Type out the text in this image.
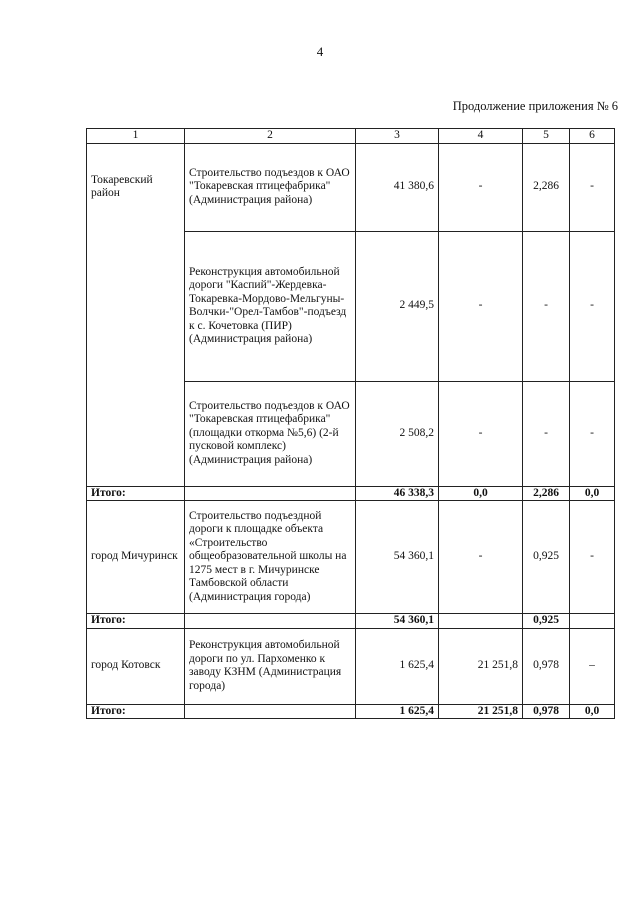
4
Продолжение приложения № 6
1	2	3	4	5	6
Токаревский район	Строительство подъездов к ОАО "Токаревская птицефабрика" (Администрация района)	41 380,6	-	2,286	-
	Реконструкция автомобильной дороги "Каспий"-Жердевка-Токаревка-Мордово-Мельгуны-Волчки-"Орел-Тамбов"-подъезд к с. Кочетовка (ПИР) (Администрация района)	2 449,5	-	-	-
	Строительство подъездов к ОАО "Токаревская птицефабрика" (площадки откорма №5,6) (2-й пусковой комплекс) (Администрация района)	2 508,2	-	-	-
Итого:		46 338,3	0,0	2,286	0,0
город Мичуринск	Строительство подъездной дороги к площадке объекта «Строительство общеобразовательной школы на 1275 мест в г. Мичуринске Тамбовской области (Администрация города)	54 360,1	-	0,925	-
Итого:		54 360,1		0,925	
город Котовск	Реконструкция автомобильной дороги по ул. Пархоменко к заводу КЗНМ (Администрация города)	1 625,4	21 251,8	0,978	–
Итого:		1 625,4	21 251,8	0,978	0,0
